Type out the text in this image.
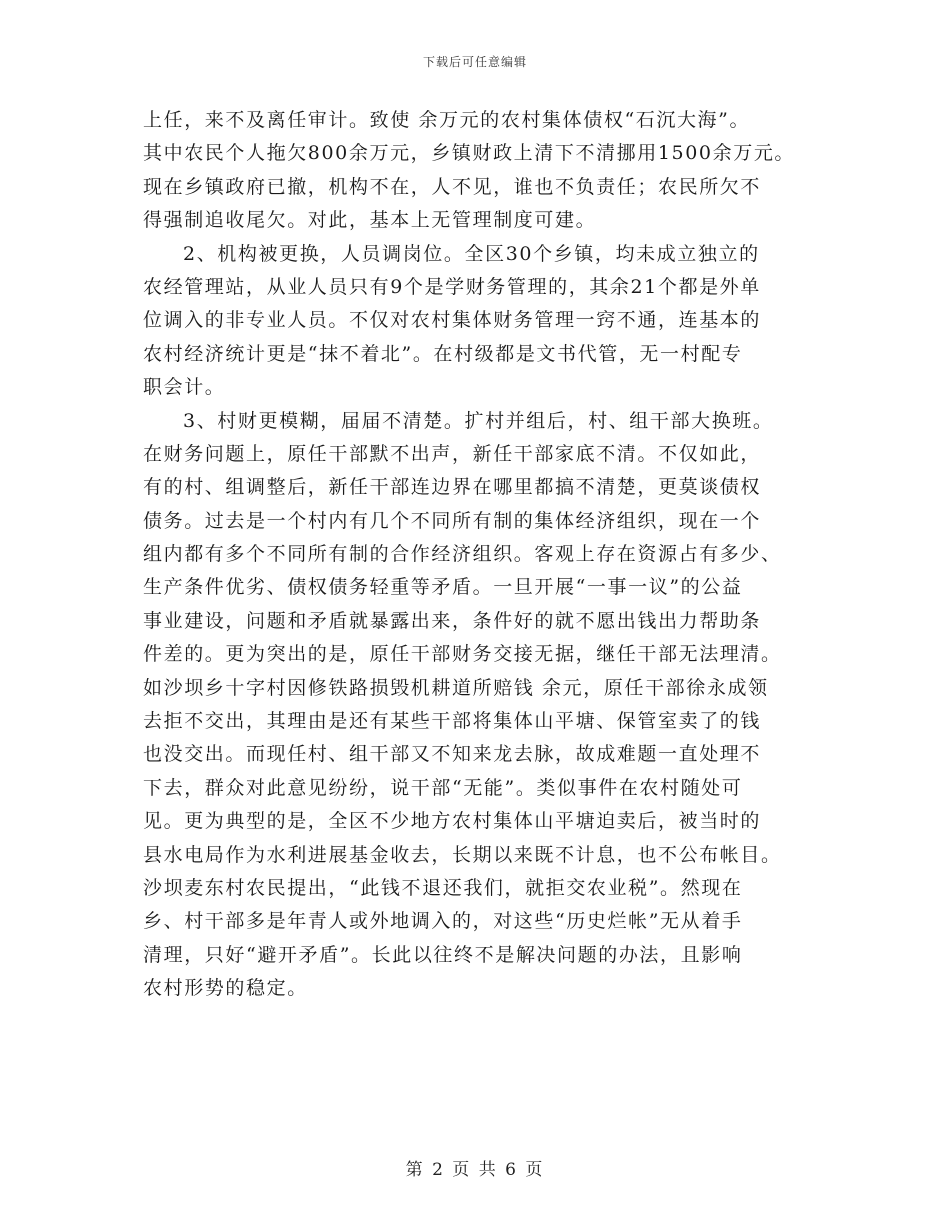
下载后可任意编辑
上任，来不及离任审计。致使 余万元的农村集体债权“石沉大海”。
其中农民个人拖欠800余万元，乡镇财政上清下不清挪用1500余万元。
现在乡镇政府已撤，机构不在，人不见，谁也不负责任；农民所欠不
得强制追收尾欠。对此，基本上无管理制度可建。
2、机构被更换，人员调岗位。全区30个乡镇，均未成立独立的
农经管理站，从业人员只有9个是学财务管理的，其余21个都是外单
位调入的非专业人员。不仅对农村集体财务管理一窍不通，连基本的
农村经济统计更是“抹不着北”。在村级都是文书代管，无一村配专
职会计。
3、村财更模糊，届届不清楚。扩村并组后，村、组干部大换班。
在财务问题上，原任干部默不出声，新任干部家底不清。不仅如此，
有的村、组调整后，新任干部连边界在哪里都搞不清楚，更莫谈债权
债务。过去是一个村内有几个不同所有制的集体经济组织，现在一个
组内都有多个不同所有制的合作经济组织。客观上存在资源占有多少、
生产条件优劣、债权债务轻重等矛盾。一旦开展“一事一议”的公益
事业建设，问题和矛盾就暴露出来，条件好的就不愿出钱出力帮助条
件差的。更为突出的是，原任干部财务交接无据，继任干部无法理清。
如沙坝乡十字村因修铁路损毁机耕道所赔钱 余元，原任干部徐永成领
去拒不交出，其理由是还有某些干部将集体山平塘、保管室卖了的钱
也没交出。而现任村、组干部又不知来龙去脉，故成难题一直处理不
下去，群众对此意见纷纷，说干部“无能”。类似事件在农村随处可
见。更为典型的是，全区不少地方农村集体山平塘迫卖后，被当时的
县水电局作为水利进展基金收去，长期以来既不计息，也不公布帐目。
沙坝麦东村农民提出，“此钱不退还我们，就拒交农业税”。然现在
乡、村干部多是年青人或外地调入的，对这些“历史烂帐”无从着手
清理，只好“避开矛盾”。长此以往终不是解决问题的办法，且影响
农村形势的稳定。
第 2 页 共 6 页
